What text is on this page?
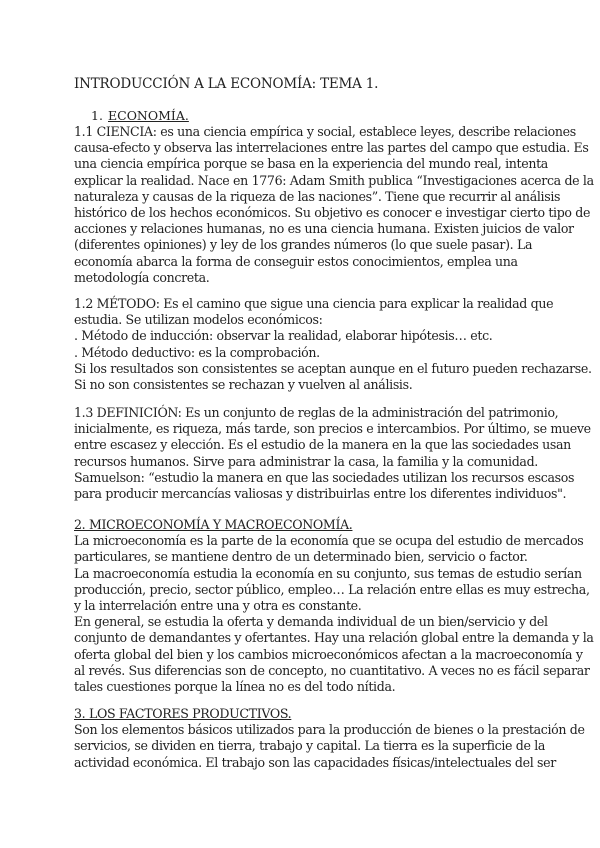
INTRODUCCIÓN A LA ECONOMÍA: TEMA 1.
1. ECONOMÍA.
1.1 CIENCIA: es una ciencia empírica y social, establece leyes, describe relaciones
causa-efecto y observa las interrelaciones entre las partes del campo que estudia. Es
una ciencia empírica porque se basa en la experiencia del mundo real, intenta
explicar la realidad. Nace en 1776: Adam Smith publica “Investigaciones acerca de la
naturaleza y causas de la riqueza de las naciones”. Tiene que recurrir al análisis
histórico de los hechos económicos. Su objetivo es conocer e investigar cierto tipo de
acciones y relaciones humanas, no es una ciencia humana. Existen juicios de valor
(diferentes opiniones) y ley de los grandes números (lo que suele pasar). La
economía abarca la forma de conseguir estos conocimientos, emplea una
metodología concreta.
1.2 MÉTODO: Es el camino que sigue una ciencia para explicar la realidad que
estudia. Se utilizan modelos económicos:
. Método de inducción: observar la realidad, elaborar hipótesis… etc.
. Método deductivo: es la comprobación.
Si los resultados son consistentes se aceptan aunque en el futuro pueden rechazarse.
Si no son consistentes se rechazan y vuelven al análisis.
1.3 DEFINICIÓN: Es un conjunto de reglas de la administración del patrimonio,
inicialmente, es riqueza, más tarde, son precios e intercambios. Por último, se mueve
entre escasez y elección. Es el estudio de la manera en la que las sociedades usan
recursos humanos. Sirve para administrar la casa, la familia y la comunidad.
Samuelson: “estudio la manera en que las sociedades utilizan los recursos escasos
para producir mercancías valiosas y distribuirlas entre los diferentes individuos".
2. MICROECONOMÍA Y MACROECONOMÍA.
La microeconomía es la parte de la economía que se ocupa del estudio de mercados
particulares, se mantiene dentro de un determinado bien, servicio o factor.
La macroeconomía estudia la economía en su conjunto, sus temas de estudio serían
producción, precio, sector público, empleo… La relación entre ellas es muy estrecha,
y la interrelación entre una y otra es constante.
En general, se estudia la oferta y demanda individual de un bien/servicio y del
conjunto de demandantes y ofertantes. Hay una relación global entre la demanda y la
oferta global del bien y los cambios microeconómicos afectan a la macroeconomía y
al revés. Sus diferencias son de concepto, no cuantitativo. A veces no es fácil separar
tales cuestiones porque la línea no es del todo nítida.
3. LOS FACTORES PRODUCTIVOS.
Son los elementos básicos utilizados para la producción de bienes o la prestación de
servicios, se dividen en tierra, trabajo y capital. La tierra es la superficie de la
actividad económica. El trabajo son las capacidades físicas/intelectuales del ser
